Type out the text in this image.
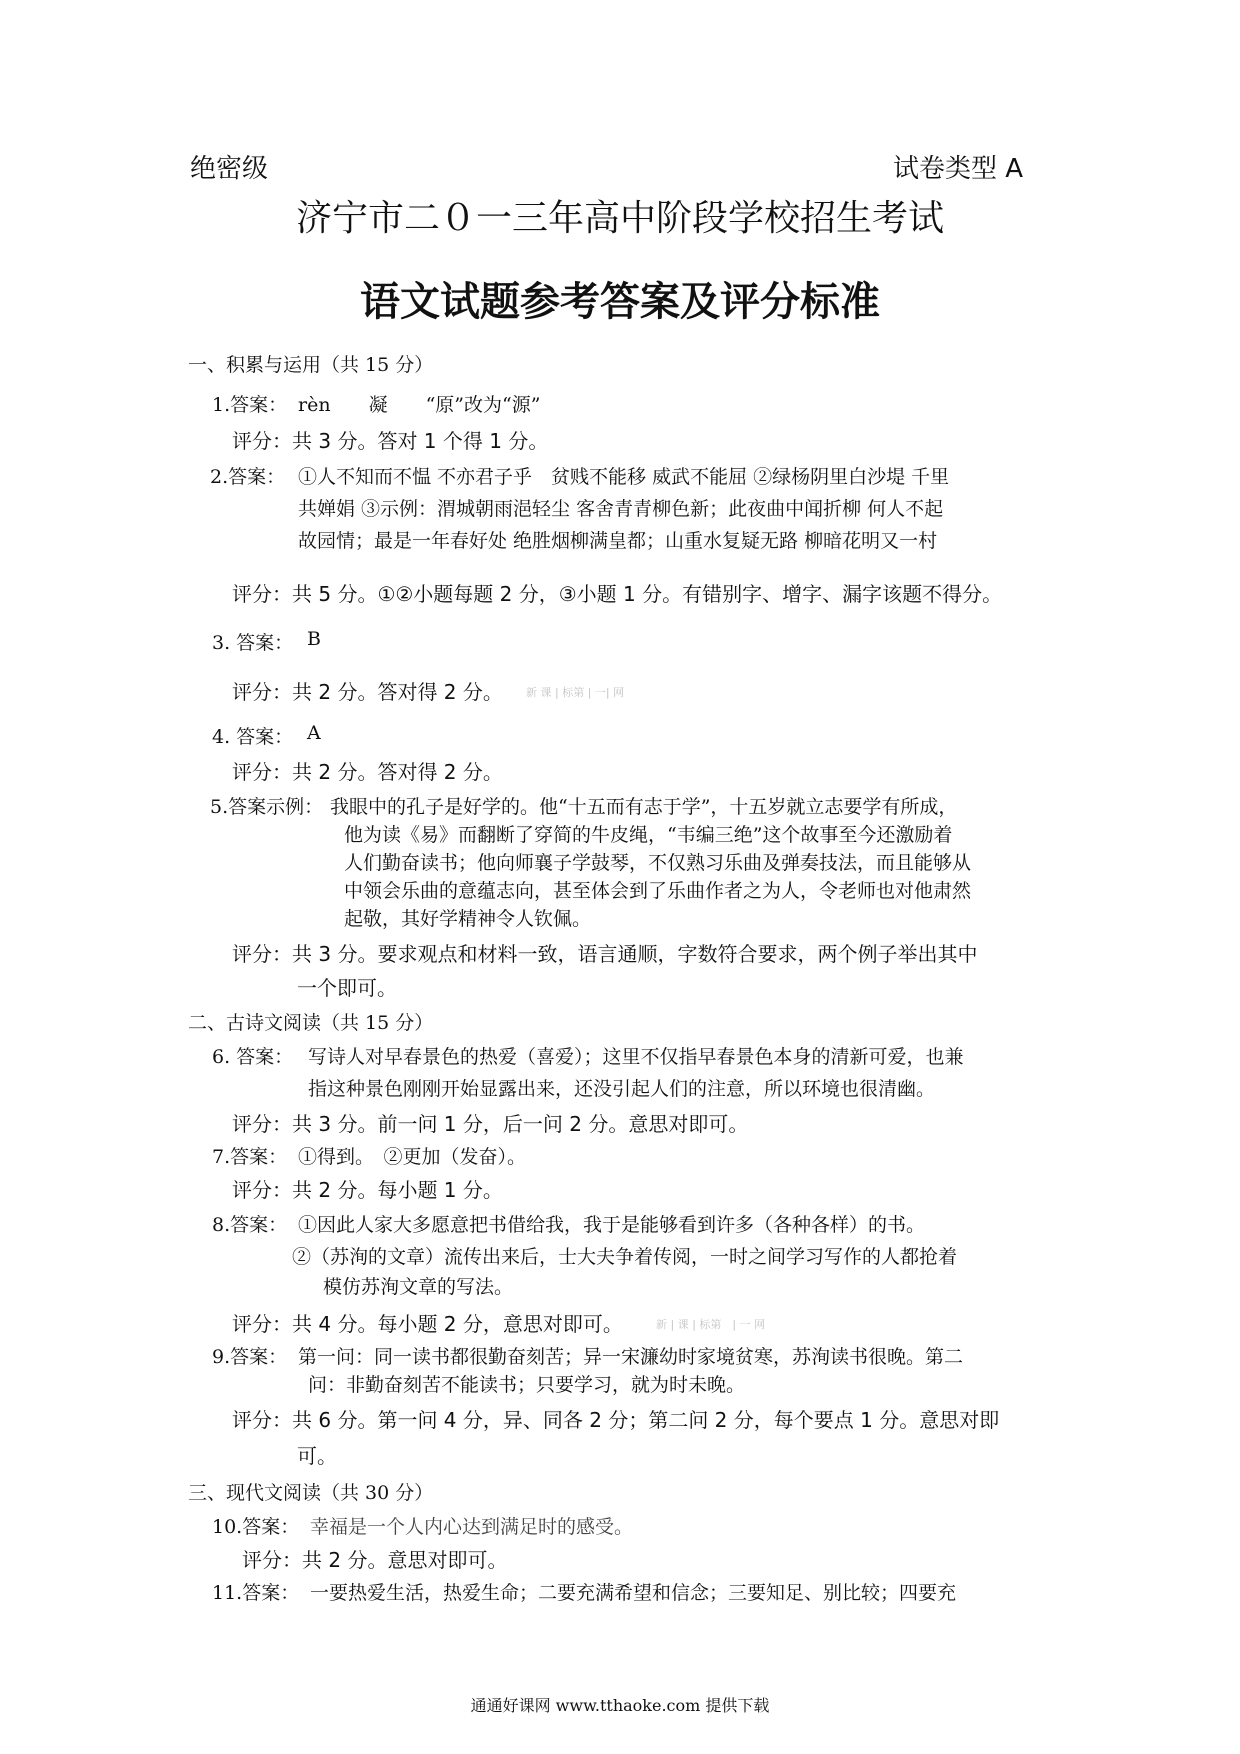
绝密级	试卷类型 A
济宁市二０一三年高中阶段学校招生考试
语文试题参考答案及评分标准
一、积累与运用（共 15 分）
1.答案： rèn　　凝　　“原”改为“源”
评分：共 3 分。答对 1 个得 1 分。
2.答案： ①人不知而不愠 不亦君子乎　贫贱不能移 威武不能屈 ②绿杨阴里白沙堤 千里
共婵娟 ③示例：渭城朝雨浥轻尘 客舍青青柳色新；此夜曲中闻折柳 何人不起
故园情；最是一年春好处 绝胜烟柳满皇都；山重水复疑无路 柳暗花明又一村
评分：共 5 分。①②小题每题 2 分，③小题 1 分。有错别字、增字、漏字该题不得分。
3. 答案： B
评分：共 2 分。答对得 2 分。 新 课 | 标第 | 一| 网
4. 答案： A
评分：共 2 分。答对得 2 分。
5.答案示例： 我眼中的孔子是好学的。他“十五而有志于学”，十五岁就立志要学有所成，
他为读《易》而翻断了穿简的牛皮绳，“韦编三绝”这个故事至今还激励着
人们勤奋读书；他向师襄子学鼓琴，不仅熟习乐曲及弹奏技法，而且能够从
中领会乐曲的意蕴志向，甚至体会到了乐曲作者之为人，令老师也对他肃然
起敬，其好学精神令人钦佩。
评分：共 3 分。要求观点和材料一致，语言通顺，字数符合要求，两个例子举出其中
一个即可。
二、古诗文阅读（共 15 分）
6. 答案： 写诗人对早春景色的热爱（喜爱）；这里不仅指早春景色本身的清新可爱，也兼
指这种景色刚刚开始显露出来，还没引起人们的注意，所以环境也很清幽。
评分：共 3 分。前一问 1 分，后一问 2 分。意思对即可。
7.答案： ①得到。　②更加（发奋）。
评分：共 2 分。每小题 1 分。
8.答案： ①因此人家大多愿意把书借给我，我于是能够看到许多（各种各样）的书。
②（苏洵的文章）流传出来后，士大夫争着传阅，一时之间学习写作的人都抢着
模仿苏洵文章的写法。
评分：共 4 分。每小题 2 分，意思对即可。	新 | 课 | 标第　| 一 网
9.答案： 第一问：同一读书都很勤奋刻苦；异一宋濂幼时家境贫寒，苏洵读书很晚。第二
问：非勤奋刻苦不能读书；只要学习，就为时未晚。
评分：共 6 分。第一问 4 分，异、同各 2 分；第二问 2 分，每个要点 1 分。意思对即
可。
三、现代文阅读（共 30 分）
10.答案： 幸福是一个人内心达到满足时的感受。
评分：共 2 分。意思对即可。
11.答案： 一要热爱生活，热爱生命；二要充满希望和信念；三要知足、别比较；四要充
通通好课网 www.tthaoke.com 提供下载
